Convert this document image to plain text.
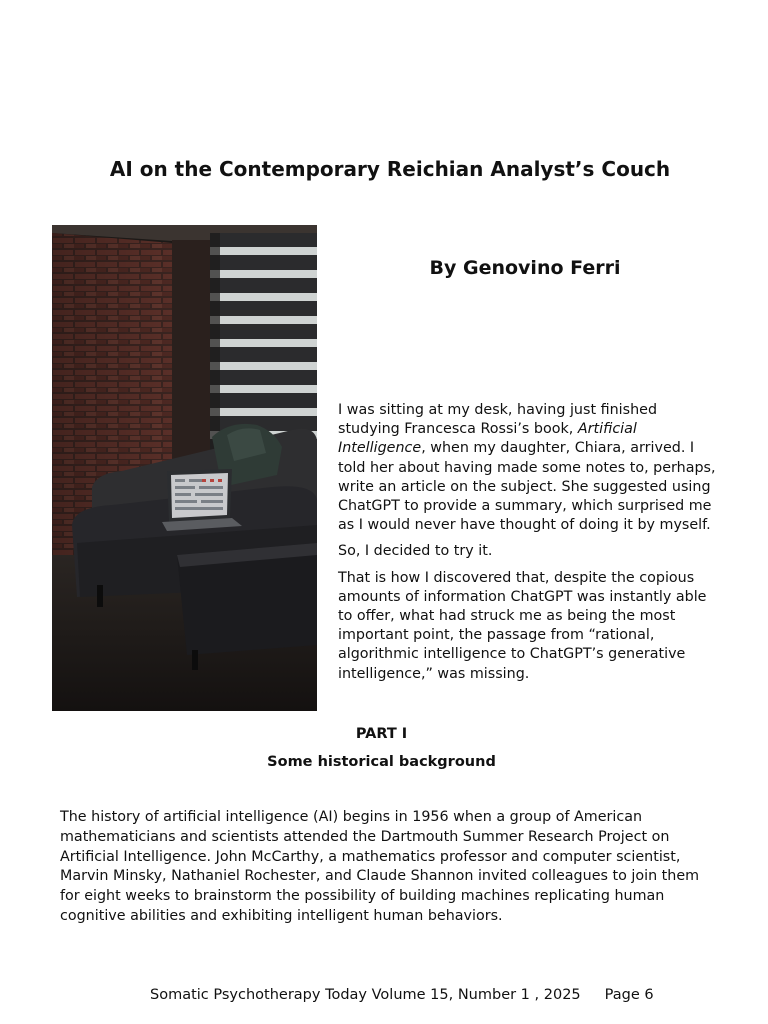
AI on the Contemporary Reichian Analyst’s Couch
By Genovino Ferri

I was sitting at my desk, having just finished studying Francesca Rossi’s book, Artificial Intelligence, when my daughter, Chiara, arrived. I told her about having made some notes to, perhaps, write an article on the subject. She suggested using ChatGPT to provide a summary, which surprised me as I would never have thought of doing it by myself.

So, I decided to try it.

That is how I discovered that, despite the copious amounts of information ChatGPT was instantly able to offer, what had struck me as being the most important point, the passage from “rational, algorithmic intelligence to ChatGPT’s generative intelligence,” was missing.

PART I
Some historical background

The history of artificial intelligence (AI) begins in 1956 when a group of American mathematicians and scientists attended the Dartmouth Summer Research Project on Artificial Intelligence. John McCarthy, a mathematics professor and computer scientist, Marvin Minsky, Nathaniel Rochester, and Claude Shannon invited colleagues to join them for eight weeks to brainstorm the possibility of building machines replicating human cognitive abilities and exhibiting intelligent human behaviors.

Somatic Psychotherapy Today Volume 15, Number 1 , 2025 Page 6
